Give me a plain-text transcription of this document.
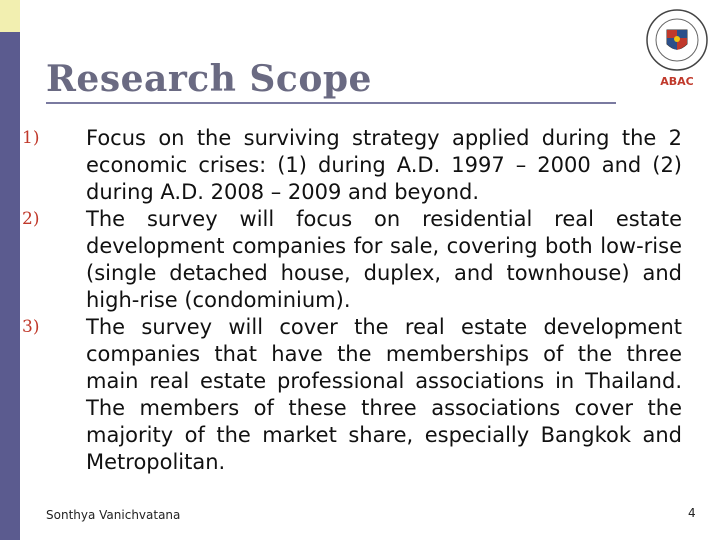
Research Scope	ABAC
1)	Focus on the surviving strategy applied during the 2 economic crises: (1) during A.D. 1997 – 2000 and (2) during A.D. 2008 – 2009 and beyond.
2)	The survey will focus on residential real estate development companies for sale, covering both low-rise (single detached house, duplex, and townhouse) and high-rise (condominium).
3)	The survey will cover the real estate development companies that have the memberships of the three main real estate professional associations in Thailand. The members of these three associations cover the majority of the market share, especially Bangkok and Metropolitan.
Sonthya Vanichvatana	4
